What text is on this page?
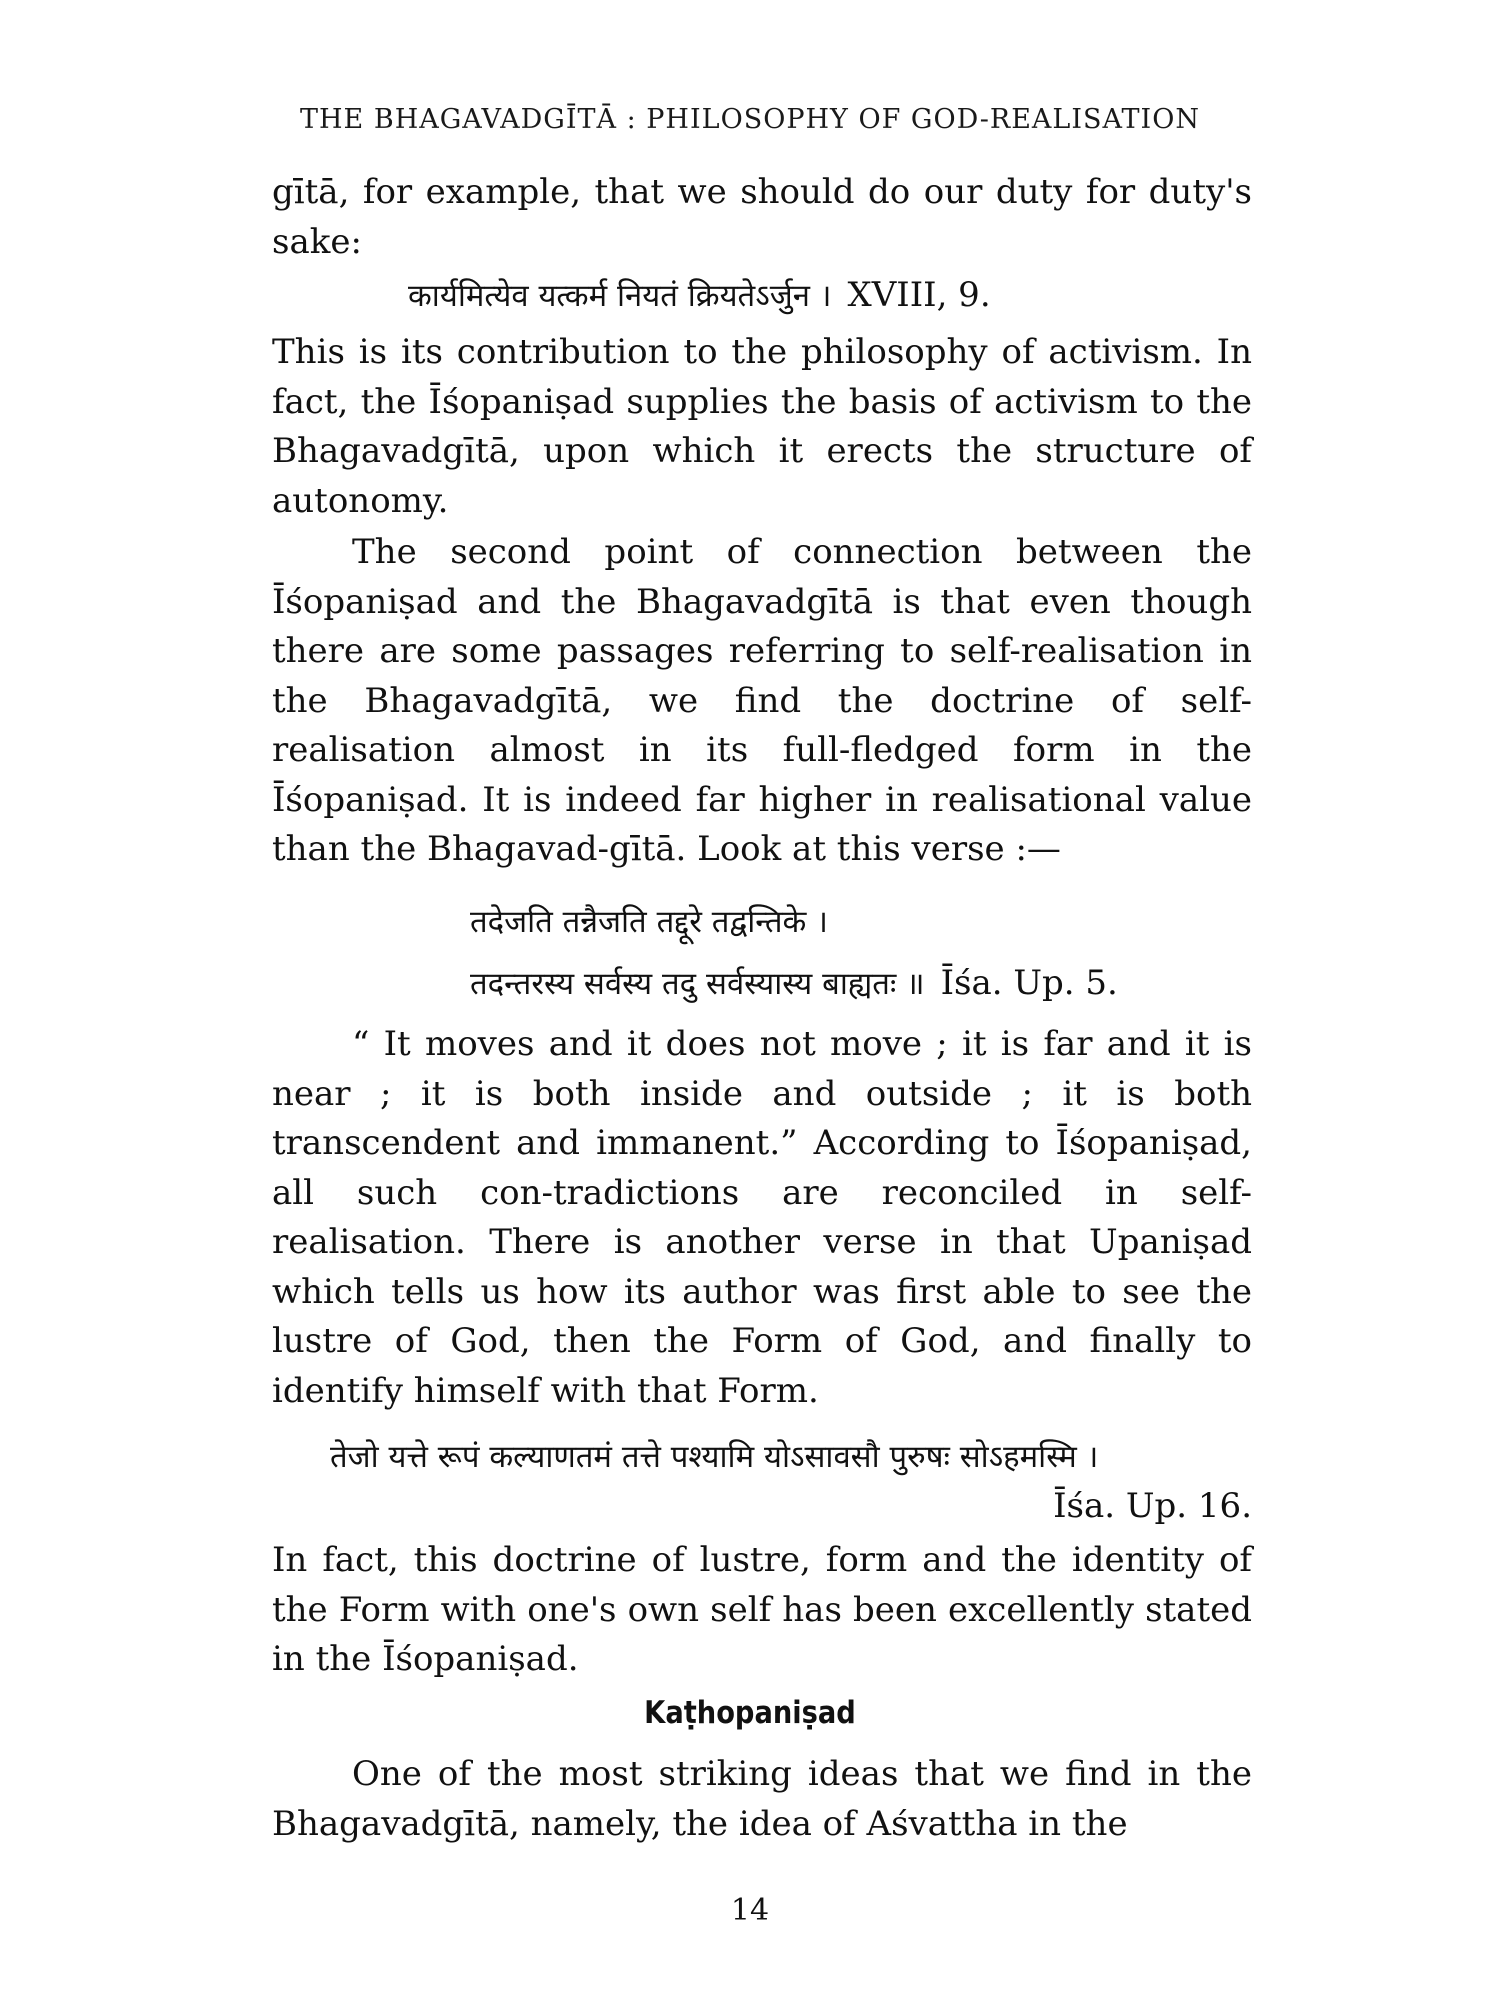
THE BHAGAVADGĪTĀ : PHILOSOPHY OF GOD-REALISATION

gītā, for example, that we should do our duty for duty's sake:

कार्यमित्येव यत्कर्म नियतं क्रियतेऽर्जुन । XVIII, 9.

This is its contribution to the philosophy of activism. In fact, the Īśopaniṣad supplies the basis of activism to the Bhagavadgītā, upon which it erects the structure of autonomy.

The second point of connection between the Īśopaniṣad and the Bhagavadgītā is that even though there are some passages referring to self-realisation in the Bhagavadgītā, we find the doctrine of self-realisation almost in its full-fledged form in the Īśopaniṣad. It is indeed far higher in realisational value than the Bhagavad-gītā. Look at this verse :—

तदेजति तन्नैजति तद्दूरे तद्वन्तिके ।
तदन्तरस्य सर्वस्य तदु सर्वस्यास्य बाह्यतः ॥ Īśa. Up. 5.

“ It moves and it does not move ; it is far and it is near ; it is both inside and outside ; it is both transcendent and immanent.” According to Īśopaniṣad, all such con-tradictions are reconciled in self-realisation. There is another verse in that Upaniṣad which tells us how its author was first able to see the lustre of God, then the Form of God, and finally to identify himself with that Form.

तेजो यत्ते रूपं कल्याणतमं तत्ते पश्यामि योऽसावसौ पुरुषः सोऽहमस्मि ।
Īśa. Up. 16.

In fact, this doctrine of lustre, form and the identity of the Form with one's own self has been excellently stated in the Īśopaniṣad.

Kaṭhopaniṣad

One of the most striking ideas that we find in the Bhagavadgītā, namely, the idea of Aśvattha in the

14
